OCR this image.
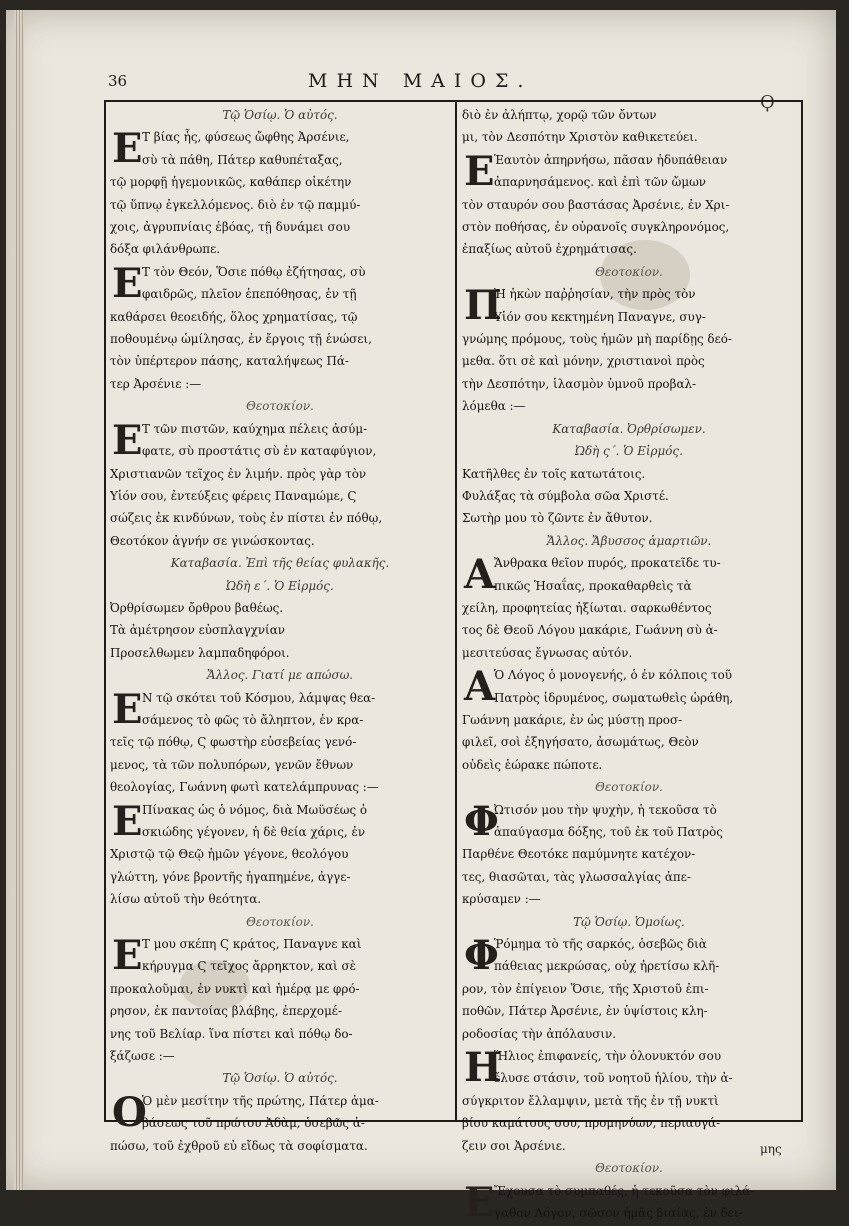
36	ΜΗΝ ΜΑΙΟΣ.
Ϙ

Τῷ Ὁσίῳ. Ὁ αὐτός.

Ε Τ βίας ἦς, φύσεως ὤφθης Ἀρσένιε,
σὺ τὰ πάθη, Πάτερ καθυπέταξας,
τῷ μορφῇ ἡγεμονικῶς, καθάπερ οἰκέτην
τῷ ὕπνῳ ἐγκελλόμενος. διὸ ἐν τῷ παμμύ-
χοις, ἀγρυπνίαις ἐβόας, τῇ δυνάμει σου
δόξα φιλάνθρωπε.
Ε Τ τὸν Θεόν, Ὅσιε πόθῳ ἐζήτησας, σὺ
φαιδρῶς, πλεῖον ἐπεπόθησας, ἐν τῇ
καθάρσει θεοειδής, ὅλος χρηματίσας, τῷ
ποθουμένῳ ὡμίλησας, ἐν ἔργοις τῇ ἑνώσει,
τὸν ὑπέρτερον πάσης, καταλήψεως Πά-
τερ Ἀρσένιε :—

Θεοτοκίον.

Ε Τ τῶν πιστῶν, καύχημα πέλεις ἀσύμ-
φατε, σὺ προστάτις σὺ ἐν καταφύγιον,
Χριστιανῶν τεῖχος ἐν λιμήν. πρὸς γὰρ τὸν
Υἱόν σου, ἐντεύξεις φέρεις Παναμώμε, Ϛ
σώζεις ἐκ κινδύνων, τοὺς ἐν πίστει ἐν πόθῳ,
Θεοτόκον ἀγνήν σε γινώσκοντας.

Καταβασία. Ἐπὶ τῆς θείας φυλακῆς.

Ὠδὴ ε΄. Ὁ Εἱρμός.

Ὀρθρίσωμεν ὄρθρου βαθέως.
Τὰ ἀμέτρησον εὐσπλαγχνίαν
Προσελθωμεν λαμπαδηφόροι.

Ἄλλος. Γιατί με απώσω.

Ε Ν τῷ σκότει τοῦ Κόσμου, λάμψας θεα-
σάμενος τὸ φῶς τὸ ἄληπτον, ἐν κρα-
τεῖς τῷ πόθῳ, Ϛ φωστὴρ εὐσεβείας γενό-
μενος, τὰ τῶν πολυπόρων, γενῶν ἔθνων
θεολογίας, Γωάννη φωτὶ κατελάμπρυνας :—
Ε Πίνακας ὡς ὁ νόμος, διὰ Μωϋσέως ὁ
σκιώδης γέγονεν, ἡ δὲ θεία χάρις, ἐν
Χριστῷ τῷ Θεῷ ἡμῶν γέγονε, θεολόγου
γλώττη, γόνε βροντῆς ἠγαπημένε, ἀγγε-
λίσω αὐτοῦ τὴν θεότητα.

Θεοτοκίον.

Ε Τ μου σκέπη Ϛ κράτος, Παναγνε καὶ
κήρυγμα Ϛ τεῖχος ἄρρηκτον, καὶ σὲ
προκαλοῦμαι, ἐν νυκτὶ καὶ ἡμέρᾳ με φρό-
ρησον, ἐκ παντοίας βλάβης, ἐπερχομέ-
νης τοῦ Βελίαρ. ἵνα πίστει καὶ πόθῳ δο-
ξάζωσε :—

Τῷ Ὁσίῳ. Ὁ αὐτός.

Ο
Ὁ μὲν μεσίτην τῆς πρώτης, Πάτερ ἀμα-
βάσεως τοῦ πρώτου Ἀδὰμ, ὁσεβῶς ἀ-
πώσω, τοῦ ἐχθροῦ εὐ εἴδως τὰ σοφίσματα.
διὸ ἐν ἀλήπτῳ, χορῷ τῶν ὄντων
μι, τὸν Δεσπότην Χριστὸν καθικετεύει.
Ε Ἑαυτὸν ἀπηρνήσω, πᾶσαν ἡδυπάθειαν
ἀπαρνησάμενος. καὶ ἐπὶ τῶν ὤμων
τὸν σταυρόν σου βαστάσας Ἀρσένιε, ἐν Χρι-
στὸν ποθήσας, ἐν οὐρανοῖς συγκληρονόμος,
ἐπαξίως αὐτοῦ ἐχρημάτισας.

Θεοτοκίον.

Π
Ἠ ἡκὼν παῤῥησίαν, τὴν πρὸς τὸν
Υἱόν σου κεκτημένη Παναγνε, συγ-
γνώμης πρόμους, τοὺς ἡμῶν μὴ παρίδῃς δεό-
μεθα. ὅτι σὲ καὶ μόνην, χριστιανοὶ πρὸς
τὴν Δεσπότην, ἱλασμὸν ὑμνοῦ προβαλ-
λόμεθα :—

Καταβασία. Ὀρθρίσωμεν.

Ὠδὴ ς΄. Ὁ Εἱρμός.

Κατῆλθες ἐν τοῖς κατωτάτοις.
Φυλάξας τὰ σύμβολα σῶα Χριστέ.
Σωτὴρ μου τὸ ζῶντε ἐν ἄθυτον.

Ἄλλος. Ἄβυσσος ἁμαρτιῶν.

Α
Ἄνθρακα θεῖον πυρός, προκατεῖδε τυ-
πικῶς Ἡσαΐας, προκαθαρθεὶς τὰ
χείλη, προφητείας ἠξίωται. σαρκωθέντος
τος δὲ Θεοῦ Λόγου μακάριε, Γωάννη σὺ ἀ-
μεσιτεύσας ἔγνωσας αὐτόν.
Α
Ὁ Λόγος ὁ μονογενής, ὁ ἐν κόλποις τοῦ
Πατρὸς ἱδρυμένος, σωματωθεὶς ὡράθη,
Γωάννη μακάριε, ἐν ὡς μύστῃ προσ-
φιλεῖ, σοὶ ἐξηγήσατο, ἀσωμάτως, Θεὸν
οὐδεὶς ἑώρακε πώποτε.

Θεοτοκίον.

Φ
Ὠτισόν μου τὴν ψυχὴν, ἡ τεκοῦσα τὸ
ἀπαύγασμα δόξης, τοῦ ἐκ τοῦ Πατρὸς
Παρθένε Θεοτόκε παμύμνητε κατέχον-
τες, θιασῶται, τὰς γλωσσαλγίας ἀπε-
κρύσαμεν :—

Τῷ Ὁσίῳ. Ὁμοίως.

Φ
Ῥόμημα τὸ τῆς σαρκός, ὁσεβῶς διὰ
πάθειας μεκρώσας, οὐχ ἠρετίσω κλῆ-
ρον, τὸν ἐπίγειον Ὅσιε, τῆς Χριστοῦ ἐπι-
ποθῶν, Πάτερ Ἀρσένιε, ἐν ὑψίστοις κλη-
ροδοσίας τὴν ἀπόλαυσιν.
Η
Ἥλιος ἐπιφανείς, τὴν ὁλονυκτόν σου
ἔλυσε στάσιν, τοῦ νοητοῦ ἡλίου, τὴν ἀ-
σύγκριτον ἔλλαμψιν, μετὰ τῆς ἐν τῇ νυκτὶ
βίου καμάτους σου, προμηνύων, περιαυγά-
ζειν σοι Ἀρσένιε.

Θεοτοκίον.

Ε Ἔχουσα τὸ συμπαθές, ἡ τεκοῦσα τὸν φιλά-
γαθον Λόγον, σῶσον ἡμᾶς βιαίας, ἐν δει-
μης
